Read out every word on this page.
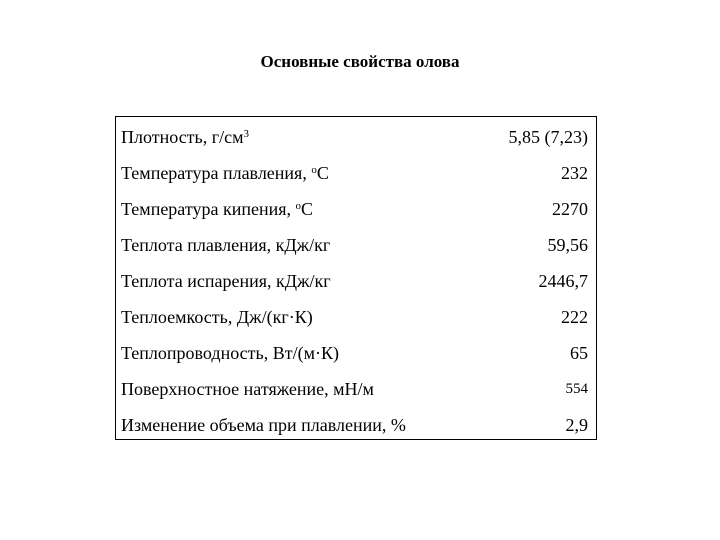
Основные свойства олова
Плотность, $г/см^3$	5,85 (7,23)
Температура плавления, $^o$С	232
Температура кипения, $^o$С	2270
Теплота плавления, кДж/кг	59,56
Теплота испарения, кДж/кг	2446,7
Теплоемкость, Дж/(кг·К)	222
Теплопроводность, Вт/(м·К)	65
Поверхностное натяжение, мН/м	554
Изменение объема при плавлении, %	2,9
